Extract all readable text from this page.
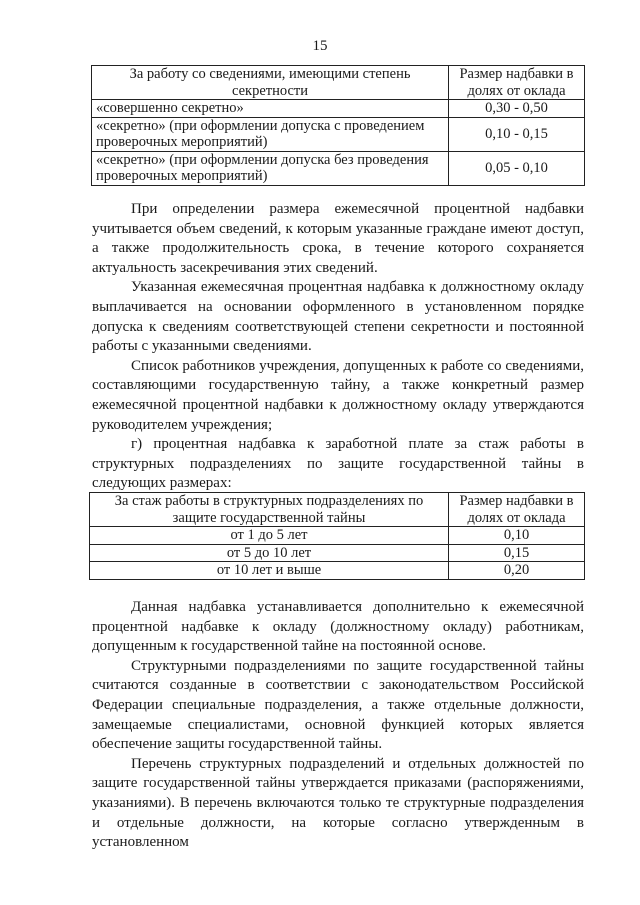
15
За работу со сведениями, имеющими степень секретности	Размер надбавки в долях от оклада
«совершенно секретно»	0,30 - 0,50
«секретно» (при оформлении допуска с проведением проверочных мероприятий)	0,10 - 0,15
«секретно» (при оформлении допуска без проведения проверочных мероприятий)	0,05 - 0,10

При определении размера ежемесячной процентной надбавки учитывается объем сведений, к которым указанные граждане имеют доступ, а также продолжительность срока, в течение которого сохраняется актуальность засекречивания этих сведений.

Указанная ежемесячная процентная надбавка к должностному окладу выплачивается на основании оформленного в установленном порядке допуска к сведениям соответствующей степени секретности и постоянной работы с указанными сведениями.

Список работников учреждения, допущенных к работе со сведениями, составляющими государственную тайну, а также конкретный размер ежемесячной процентной надбавки к должностному окладу утверждаются руководителем учреждения;

г) процентная надбавка к заработной плате за стаж работы в структурных подразделениях по защите государственной тайны в следующих размерах:

За стаж работы в структурных подразделениях по защите государственной тайны	Размер надбавки в долях от оклада
от 1 до 5 лет	0,10
от 5 до 10 лет	0,15
от 10 лет и выше	0,20

Данная надбавка устанавливается дополнительно к ежемесячной процентной надбавке к окладу (должностному окладу) работникам, допущенным к государственной тайне на постоянной основе.

Структурными подразделениями по защите государственной тайны считаются созданные в соответствии с законодательством Российской Федерации специальные подразделения, а также отдельные должности, замещаемые специалистами, основной функцией которых является обеспечение защиты государственной тайны.

Перечень структурных подразделений и отдельных должностей по защите государственной тайны утверждается приказами (распоряжениями, указаниями). В перечень включаются только те структурные подразделения и отдельные должности, на которые согласно утвержденным в установленном
